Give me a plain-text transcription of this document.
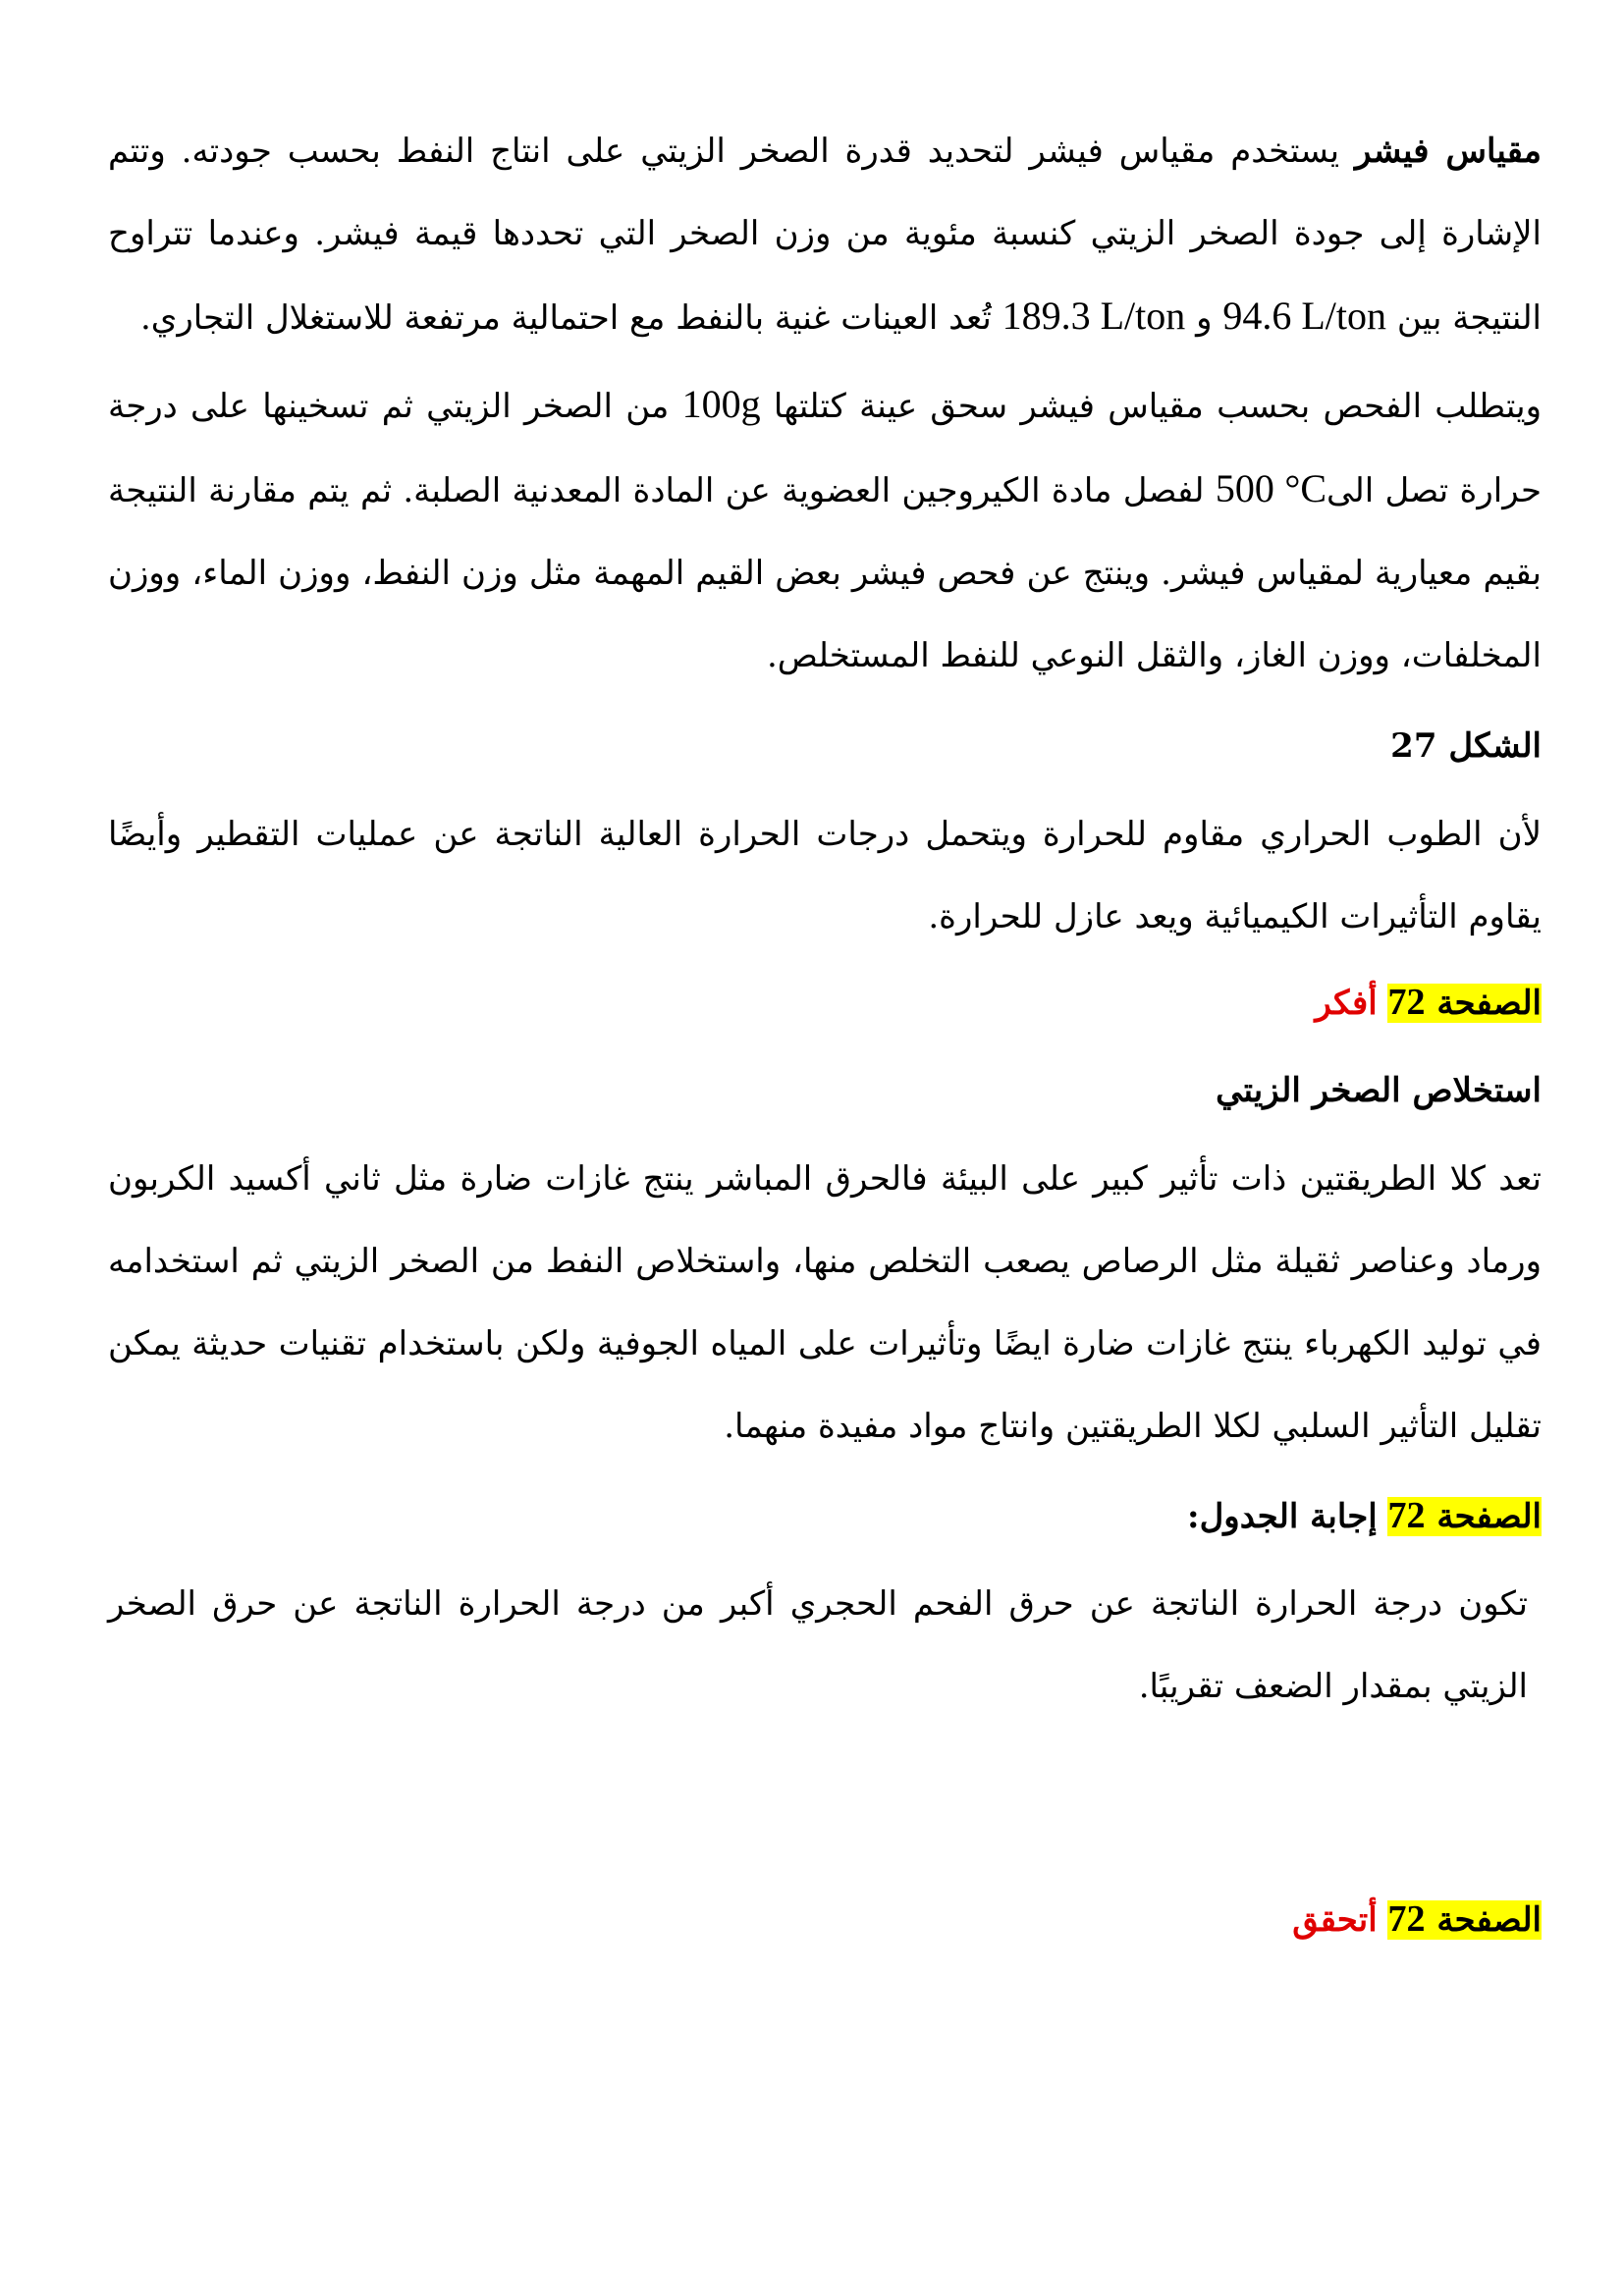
مقياس فيشر يستخدم مقياس فيشر لتحديد قدرة الصخر الزيتي على انتاج النفط بحسب جودته. وتتم الإشارة إلى جودة الصخر الزيتي كنسبة مئوية من وزن الصخر التي تحددها قيمة فيشر. وعندما تتراوح النتيجة بين 94.6 L/ton و 189.3 L/ton تُعد العينات غنية بالنفط مع احتمالية مرتفعة للاستغلال التجاري.

ويتطلب الفحص بحسب مقياس فيشر سحق عينة كتلتها 100g من الصخر الزيتي ثم تسخينها على درجة حرارة تصل الى500 °C لفصل مادة الكيروجين العضوية عن المادة المعدنية الصلبة. ثم يتم مقارنة النتيجة بقيم معيارية لمقياس فيشر. وينتج عن فحص فيشر بعض القيم المهمة مثل وزن النفط، ووزن الماء، ووزن المخلفات، ووزن الغاز، والثقل النوعي للنفط المستخلص.

الشكل 27

لأن الطوب الحراري مقاوم للحرارة ويتحمل درجات الحرارة العالية الناتجة عن عمليات التقطير وأيضًا يقاوم التأثيرات الكيميائية ويعد عازل للحرارة.

الصفحة 72 أفكر
استخلاص الصخر الزيتي

تعد كلا الطريقتين ذات تأثير كبير على البيئة فالحرق المباشر ينتج غازات ضارة مثل ثاني أكسيد الكربون ورماد وعناصر ثقيلة مثل الرصاص يصعب التخلص منها، واستخلاص النفط من الصخر الزيتي ثم استخدامه في توليد الكهرباء ينتج غازات ضارة ايضًا وتأثيرات على المياه الجوفية ولكن باستخدام تقنيات حديثة يمكن تقليل التأثير السلبي لكلا الطريقتين وانتاج مواد مفيدة منهما.

الصفحة 72 إجابة الجدول:

تكون درجة الحرارة الناتجة عن حرق الفحم الحجري أكبر من درجة الحرارة الناتجة عن حرق الصخر الزيتي بمقدار الضعف تقريبًا.

الصفحة 72 أتحقق
